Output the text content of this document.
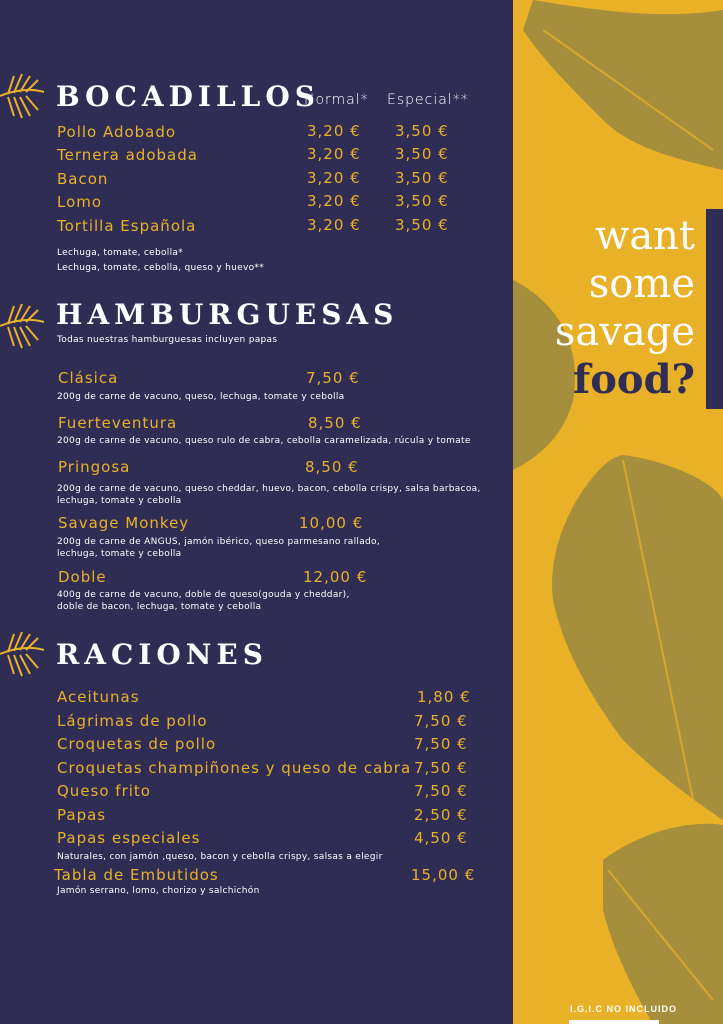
want
some
savage
food?
I.G.I.C NO INCLUIDO
BOCADILLOS
Normal* Especial**
Pollo Adobado	3,20 € 3,50 €
Ternera adobada	3,20 € 3,50 €
Bacon	3,20 € 3,50 €
Lomo	3,20 € 3,50 €
Tortilla Española	3,20 € 3,50 €
Lechuga, tomate, cebolla*
Lechuga, tomate, cebolla, queso y huevo**
HAMBURGUESAS
Todas nuestras hamburguesas incluyen papas
Clásica	7,50 €
200g de carne de vacuno, queso, lechuga, tomate y cebolla
Fuerteventura	8,50 €
200g de carne de vacuno, queso rulo de cabra, cebolla caramelizada, rúcula y tomate
Pringosa	8,50 €
200g de carne de vacuno, queso cheddar, huevo, bacon, cebolla crispy, salsa barbacoa,
lechuga, tomate y cebolla
Savage Monkey	10,00 €
200g de carne de ANGUS, jamón ibérico, queso parmesano rallado,
lechuga, tomate y cebolla
Doble	12,00 €
400g de carne de vacuno, doble de queso(gouda y cheddar),
doble de bacon, lechuga, tomate y cebolla
RACIONES
Aceitunas	1,80 €
Lágrimas de pollo	7,50 €
Croquetas de pollo	7,50 €
Croquetas champiñones y queso de cabra 7,50 €
Queso frito	7,50 €
Papas	2,50 €
Papas especiales	4,50 €
Naturales, con jamón ,queso, bacon y cebolla crispy, salsas a elegir
Tabla de Embutidos	15,00 €
Jamón serrano, lomo, chorizo y salchichón
